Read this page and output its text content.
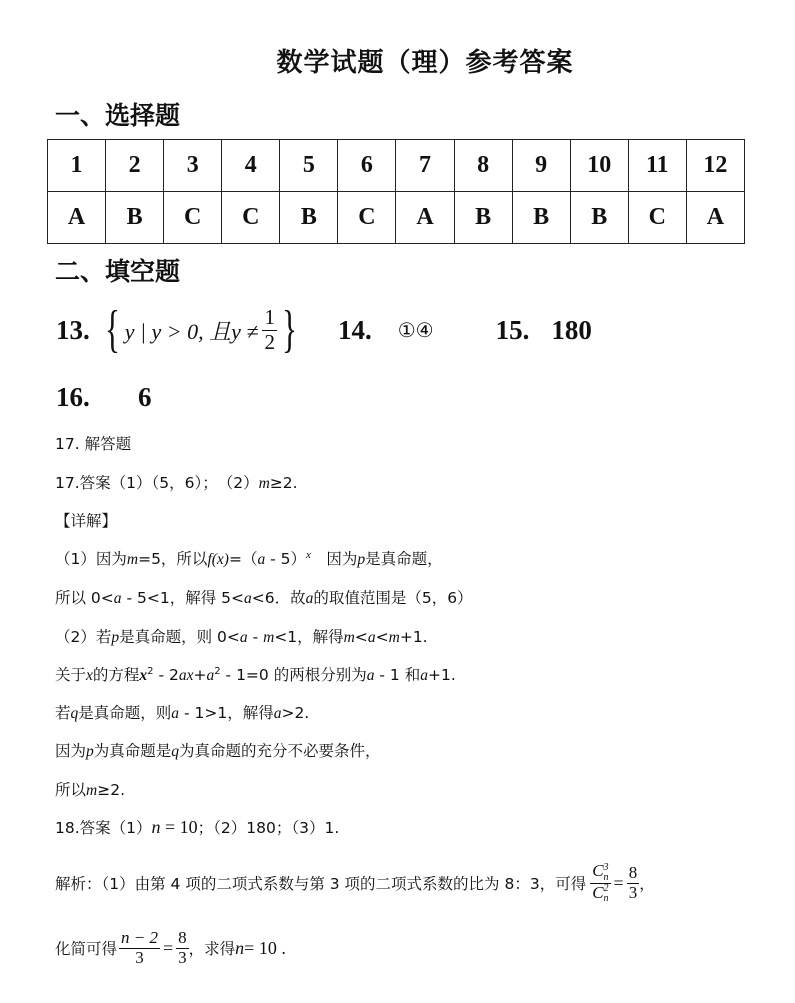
数学试题（理）参考答案
一、选择题
1	2	3	4	5	6	7	8	9	10	11	12
A	B	C	C	B	C	A	B	B	B	C	A
二、填空题
13. { y | y > 0, 且$y \ne \frac{1}{2}$ } 14. ①④ 15. 180
16. 6
17. 解答题
17.答案（1）（5，6）；　（2）m≥2.
【详解】
（1）因为m=5，所以f(x)=（a - 5）$^x$　因为p是真命题，
所以 0<a - 5<1，解得 5<a<6．故a的取值范围是（5，6）
（2）若p是真命题，则 0<a - m<1，解得m<a<m+1.
关于x的方程$x^2 - 2ax+a^2 - 1=0$ 的两根分别为a - 1 和a+1.
若q是真命题，则a - 1>1，解得a>2.
因为p为真命题是q为真命题的充分不必要条件，
所以m≥2.
18.答案（1）n = 10；（2）180；（3）1.
解析：（1）由第 4 项的二项式系数与第 3 项的二项式系数的比为 8：3，可得 C 3
n
C 2
$n = \frac{8}{3}$ ，
化简可得 $\frac{n - 2}{3} = \frac{8}{3}$ ，求得 n = 10 .
